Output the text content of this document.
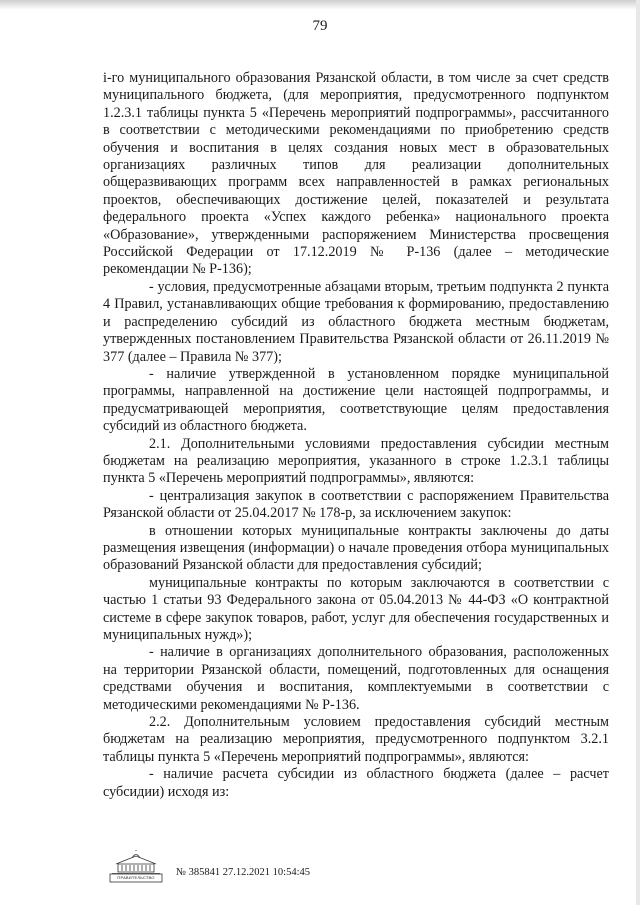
79

i-го муниципального образования Рязанской области, в том числе за счет средств муниципального бюджета, (для мероприятия, предусмотренного подпунктом 1.2.3.1 таблицы пункта 5 «Перечень мероприятий подпрограммы», рассчитанного в соответствии с методическими рекомендациями по приобретению средств обучения и воспитания в целях создания новых мест в образовательных организациях различных типов для реализации дополнительных общеразвивающих программ всех направленностей в рамках региональных проектов, обеспечивающих достижение целей, показателей и результата федерального проекта «Успех каждого ребенка» национального проекта «Образование», утвержденными распоряжением Министерства просвещения Российской Федерации от 17.12.2019 № Р-136 (далее – методические рекомендации № Р-136);

- условия, предусмотренные абзацами вторым, третьим подпункта 2 пункта 4 Правил, устанавливающих общие требования к формированию, предоставлению и распределению субсидий из областного бюджета местным бюджетам, утвержденных постановлением Правительства Рязанской области от 26.11.2019 № 377 (далее – Правила № 377);

- наличие утвержденной в установленном порядке муниципальной программы, направленной на достижение цели настоящей подпрограммы, и предусматривающей мероприятия, соответствующие целям предоставления субсидий из областного бюджета.

2.1. Дополнительными условиями предоставления субсидии местным бюджетам на реализацию мероприятия, указанного в строке 1.2.3.1 таблицы пункта 5 «Перечень мероприятий подпрограммы», являются:

- централизация закупок в соответствии с распоряжением Правительства Рязанской области от 25.04.2017 № 178-р, за исключением закупок:

в отношении которых муниципальные контракты заключены до даты размещения извещения (информации) о начале проведения отбора муниципальных образований Рязанской области для предоставления субсидий;

муниципальные контракты по которым заключаются в соответствии с частью 1 статьи 93 Федерального закона от 05.04.2013 № 44-ФЗ «О контрактной системе в сфере закупок товаров, работ, услуг для обеспечения государственных и муниципальных нужд»);

- наличие в организациях дополнительного образования, расположенных на территории Рязанской области, помещений, подготовленных для оснащения средствами обучения и воспитания, комплектуемыми в соответствии с методическими рекомендациями № Р-136.

2.2. Дополнительным условием предоставления субсидий местным бюджетам на реализацию мероприятия, предусмотренного подпунктом 3.2.1 таблицы пункта 5 «Перечень мероприятий подпрограммы», являются:

- наличие расчета субсидии из областного бюджета (далее – расчет субсидии) исходя из:

ПРАВИТЕЛЬСТВО	№ 385841 27.12.2021 10:54:45
